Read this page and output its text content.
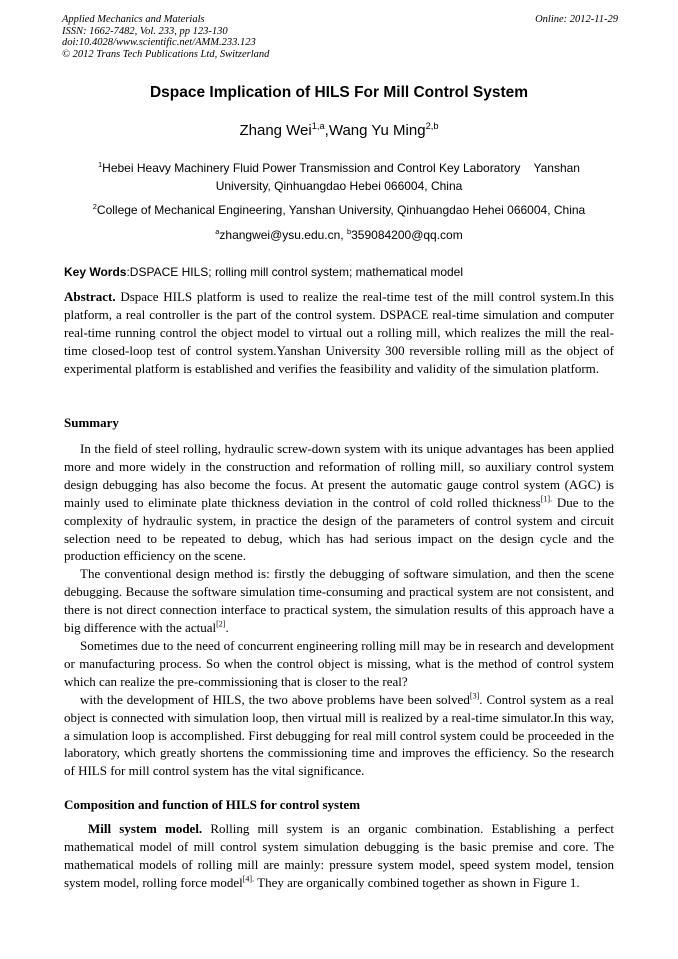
Applied Mechanics and Materials
ISSN: 1662-7482, Vol. 233, pp 123-130
doi:10.4028/www.scientific.net/AMM.233.123
© 2012 Trans Tech Publications Ltd, Switzerland
Online: 2012-11-29
Dspace Implication of HILS For Mill Control System
Zhang Wei$^{1,a}$,Wang Yu Ming$^{2,b}$
$^1$Hebei Heavy Machinery Fluid Power Transmission and Control Key Laboratory    Yanshan
University, Qinhuangdao Hebei 066004, China
$^2$College of Mechanical Engineering, Yanshan University, Qinhuangdao Hehei 066004, China
$^a$zhangwei@ysu.edu.cn, $^b$359084200@qq.com
Key Words:DSPACE HILS; rolling mill control system; mathematical model

Abstract. Dspace HILS platform is used to realize the real-time test of the mill control system.In this platform, a real controller is the part of the control system. DSPACE real-time simulation and computer real-time running control the object model to virtual out a rolling mill, which realizes the mill the real-time closed-loop test of control system.Yanshan University 300 reversible rolling mill as the object of experimental platform is established and verifies the feasibility and validity of the simulation platform.

Summary

In the field of steel rolling, hydraulic screw-down system with its unique advantages has been applied more and more widely in the construction and reformation of rolling mill, so auxiliary control system design debugging has also become the focus. At present the automatic gauge control system (AGC) is mainly used to eliminate plate thickness deviation in the control of cold rolled thickness$^{[1].}$ Due to the complexity of hydraulic system, in practice the design of the parameters of control system and circuit selection need to be repeated to debug, which has had serious impact on the design cycle and the production efficiency on the scene.

The conventional design method is: firstly the debugging of software simulation, and then the scene debugging. Because the software simulation time-consuming and practical system are not consistent, and there is not direct connection interface to practical system, the simulation results of this approach have a big difference with the actual[2].

Sometimes due to the need of concurrent engineering rolling mill may be in research and development or manufacturing process. So when the control object is missing, what is the method of control system which can realize the pre-commissioning that is closer to the real?

with the development of HILS, the two above problems have been solved[3]. Control system as a real object is connected with simulation loop, then virtual mill is realized by a real-time simulator.In this way, a simulation loop is accomplished. First debugging for real mill control system could be proceeded in the laboratory, which greatly shortens the commissioning time and improves the efficiency. So the research of HILS for mill control system has the vital significance.

Composition and function of HILS for control system

Mill system model. Rolling mill system is an organic combination. Establishing a perfect mathematical model of mill control system simulation debugging is the basic premise and core. The mathematical models of rolling mill are mainly: pressure system model, speed system model, tension   system model, rolling force model$^{[4].}$ They are organically combined together as shown in Figure 1.
